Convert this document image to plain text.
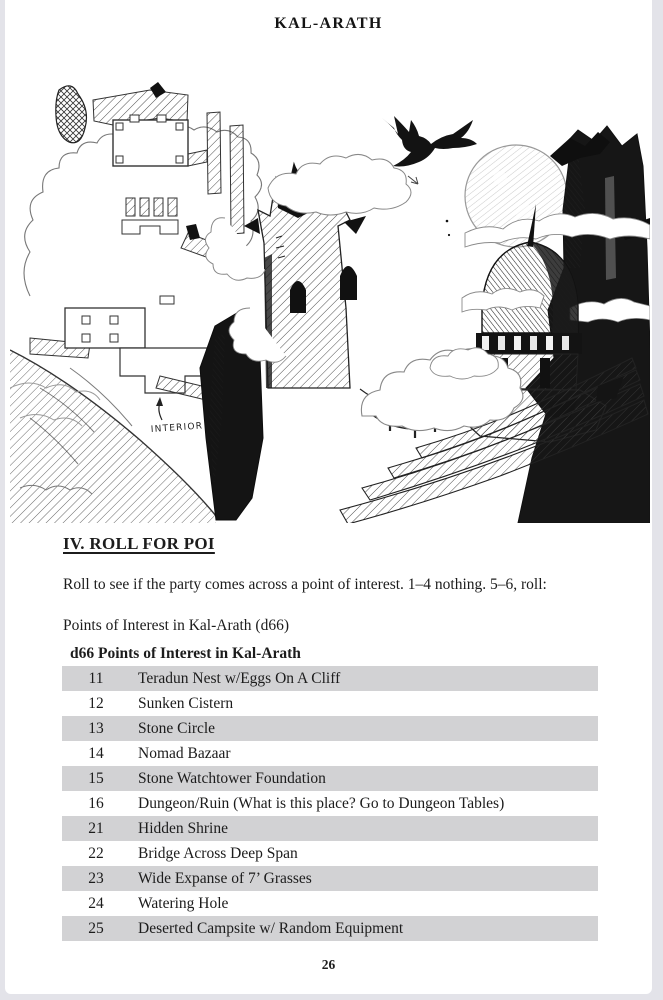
KAL-ARATH
INTERIOR
IV. ROLL FOR POI

Roll to see if the party comes across a point of interest. 1–4 nothing. 5–6, roll:

Points of Interest in Kal-Arath (d66)

d66 Points of Interest in Kal-Arath
11	Teradun Nest w/Eggs On A Cliff
12	Sunken Cistern
13	Stone Circle
14	Nomad Bazaar
15	Stone Watchtower Foundation
16	Dungeon/Ruin (What is this place? Go to Dungeon Tables)
21	Hidden Shrine
22	Bridge Across Deep Span
23	Wide Expanse of 7’ Grasses
24	Watering Hole
25	Deserted Campsite w/ Random Equipment
26
